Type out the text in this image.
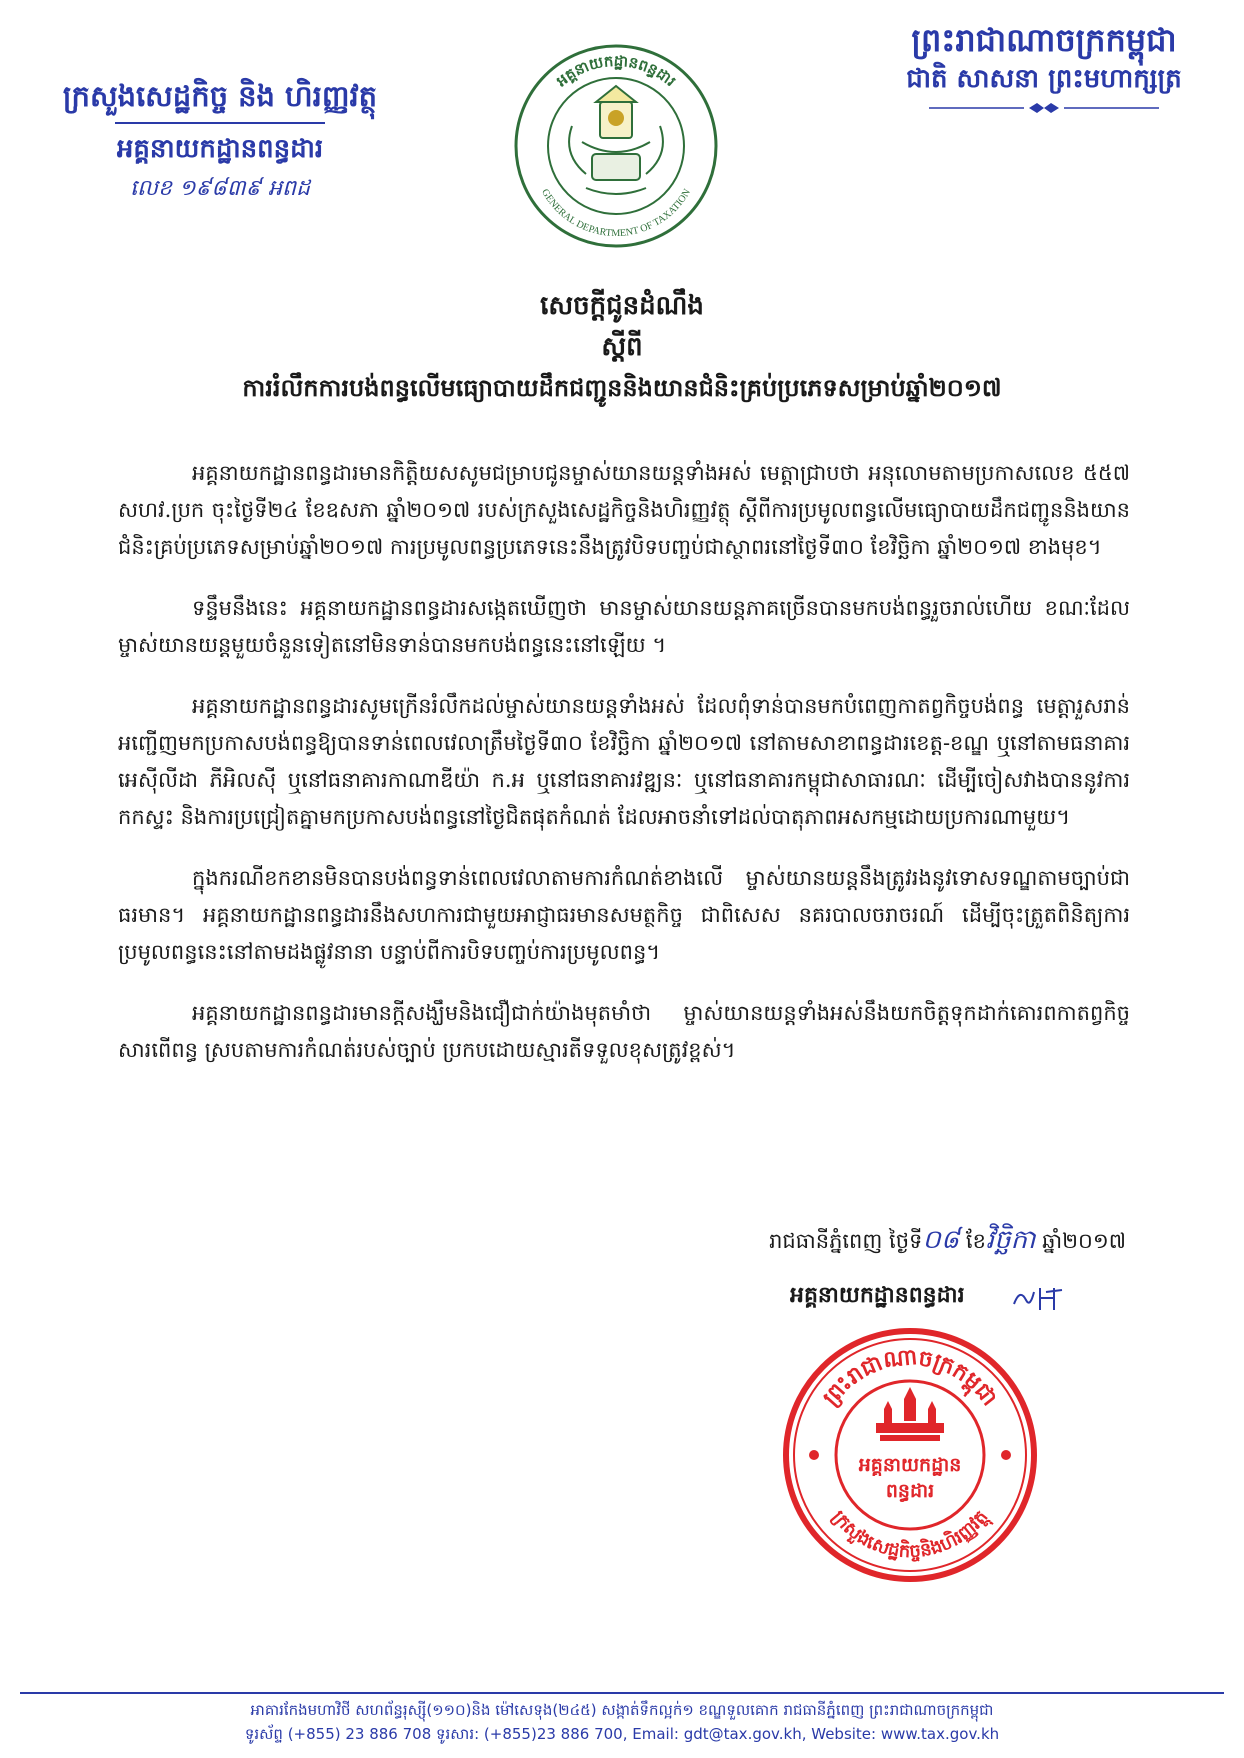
ក្រសួងសេដ្ឋកិច្ច និង ហិរញ្ញវត្ថុ
អគ្គនាយកដ្ឋានពន្ធដារ
លេខ ១៩៨៣៩ អពដ
អគ្គនាយកដ្ឋានពន្ធដារ
GENERAL DEPARTMENT OF TAXATION
ព្រះរាជាណាចក្រកម្ពុជា
ជាតិ សាសនា ព្រះមហាក្សត្រ
សេចក្តីជូនដំណឹង
ស្តីពី
ការរំលឹកការបង់ពន្ធលើមធ្យោបាយដឹកជញ្ជូននិងយានជំនិះគ្រប់ប្រភេទសម្រាប់ឆ្នាំ២០១៧

អគ្គនាយកដ្ឋានពន្ធដារមានកិត្តិយសសូមជម្រាបជូនម្ចាស់យានយន្តទាំងអស់ មេត្តាជ្រាបថា អនុលោមតាមប្រកាសលេខ ៥៥៧ សហវ.ប្រក ចុះថ្ងៃទី២៤ ខែឧសភា ឆ្នាំ២០១៧ របស់ក្រសួងសេដ្ឋកិច្ចនិងហិរញ្ញវត្ថុ ស្តីពីការប្រមូលពន្ធលើមធ្យោបាយដឹកជញ្ជូននិងយានជំនិះគ្រប់ប្រភេទសម្រាប់ឆ្នាំ២០១៧ ការប្រមូលពន្ធប្រភេទនេះនឹងត្រូវបិទបញ្ចប់ជាស្ថាពរនៅថ្ងៃទី៣០ ខែវិច្ឆិកា ឆ្នាំ២០១៧ ខាងមុខ។

ទន្ទឹមនឹងនេះ អគ្គនាយកដ្ឋានពន្ធដារសង្កេតឃើញថា មានម្ចាស់យានយន្តភាគច្រើនបានមកបង់ពន្ធរួចរាល់ហើយ ខណៈដែលម្ចាស់យានយន្តមួយចំនួនទៀតនៅមិនទាន់បានមកបង់ពន្ធនេះនៅឡើយ ។

អគ្គនាយកដ្ឋានពន្ធដារសូមក្រើនរំលឹកដល់ម្ចាស់យានយន្តទាំងអស់ ដែលពុំទាន់បានមកបំពេញកាតព្វកិច្ចបង់ពន្ធ មេត្តារួសរាន់អញ្ជើញមកប្រកាសបង់ពន្ធឱ្យបានទាន់ពេលវេលាត្រឹមថ្ងៃទី៣០ ខែវិច្ឆិកា ឆ្នាំ២០១៧ នៅតាមសាខាពន្ធដារខេត្ត-ខណ្ឌ ឬនៅតាមធនាគារអេស៊ីលីដា ភីអិលស៊ី ឬនៅធនាគារកាណាឌីយ៉ា ក.អ ឬនៅធនាគារវឌ្ឍនៈ ឬនៅធនាគារកម្ពុជាសាធារណៈ ដើម្បីចៀសវាងបាននូវការកកស្ទះ និងការប្រជ្រៀតគ្នាមកប្រកាសបង់ពន្ធនៅថ្ងៃជិតផុតកំណត់ ដែលអាចនាំទៅដល់បាតុភាពអសកម្មដោយប្រការណាមួយ។

ក្នុងករណីខកខានមិនបានបង់ពន្ធទាន់ពេលវេលាតាមការកំណត់ខាងលើ ម្ចាស់យានយន្តនឹងត្រូវរងនូវទោសទណ្ឌតាមច្បាប់ជាធរមាន។ អគ្គនាយកដ្ឋានពន្ធដារនឹងសហការជាមួយអាជ្ញាធរមានសមត្ថកិច្ច ជាពិសេស នគរបាលចរាចរណ៍ ដើម្បីចុះត្រួតពិនិត្យការប្រមូលពន្ធនេះនៅតាមដងផ្លូវនានា បន្ទាប់ពីការបិទបញ្ចប់ការប្រមូលពន្ធ។

អគ្គនាយកដ្ឋានពន្ធដារមានក្តីសង្ឃឹមនិងជឿជាក់យ៉ាងមុតមាំថា ម្ចាស់យានយន្តទាំងអស់នឹងយកចិត្តទុកដាក់គោរពកាតព្វកិច្ចសារពើពន្ធ ស្របតាមការកំណត់របស់ច្បាប់ ប្រកបដោយស្មារតីទទួលខុសត្រូវខ្ពស់។

រាជធានីភ្នំពេញ ថ្ងៃទី០៨ ខែវិច្ឆិកា ឆ្នាំ២០១៧
អគ្គនាយកដ្ឋានពន្ធដារ
ព្រះរាជាណាចក្រកម្ពុជា
ក្រសួងសេដ្ឋកិច្ចនិងហិរញ្ញវត្ថុ
អគ្គនាយកដ្ឋាន
ពន្ធដារ
អាគារកែងមហាវិថី សហព័ន្ធរុស្ស៊ី(១១០)និង ម៉ៅសេទុង(២៤៥) សង្កាត់ទឹកល្អក់១ ខណ្ឌទួលគោក រាជធានីភ្នំពេញ ព្រះរាជាណាចក្រកម្ពុជា
ទូរស័ព្ទ (+855) 23 886 708 ទូរសារ: (+855)23 886 700, Email: gdt@tax.gov.kh, Website: www.tax.gov.kh
